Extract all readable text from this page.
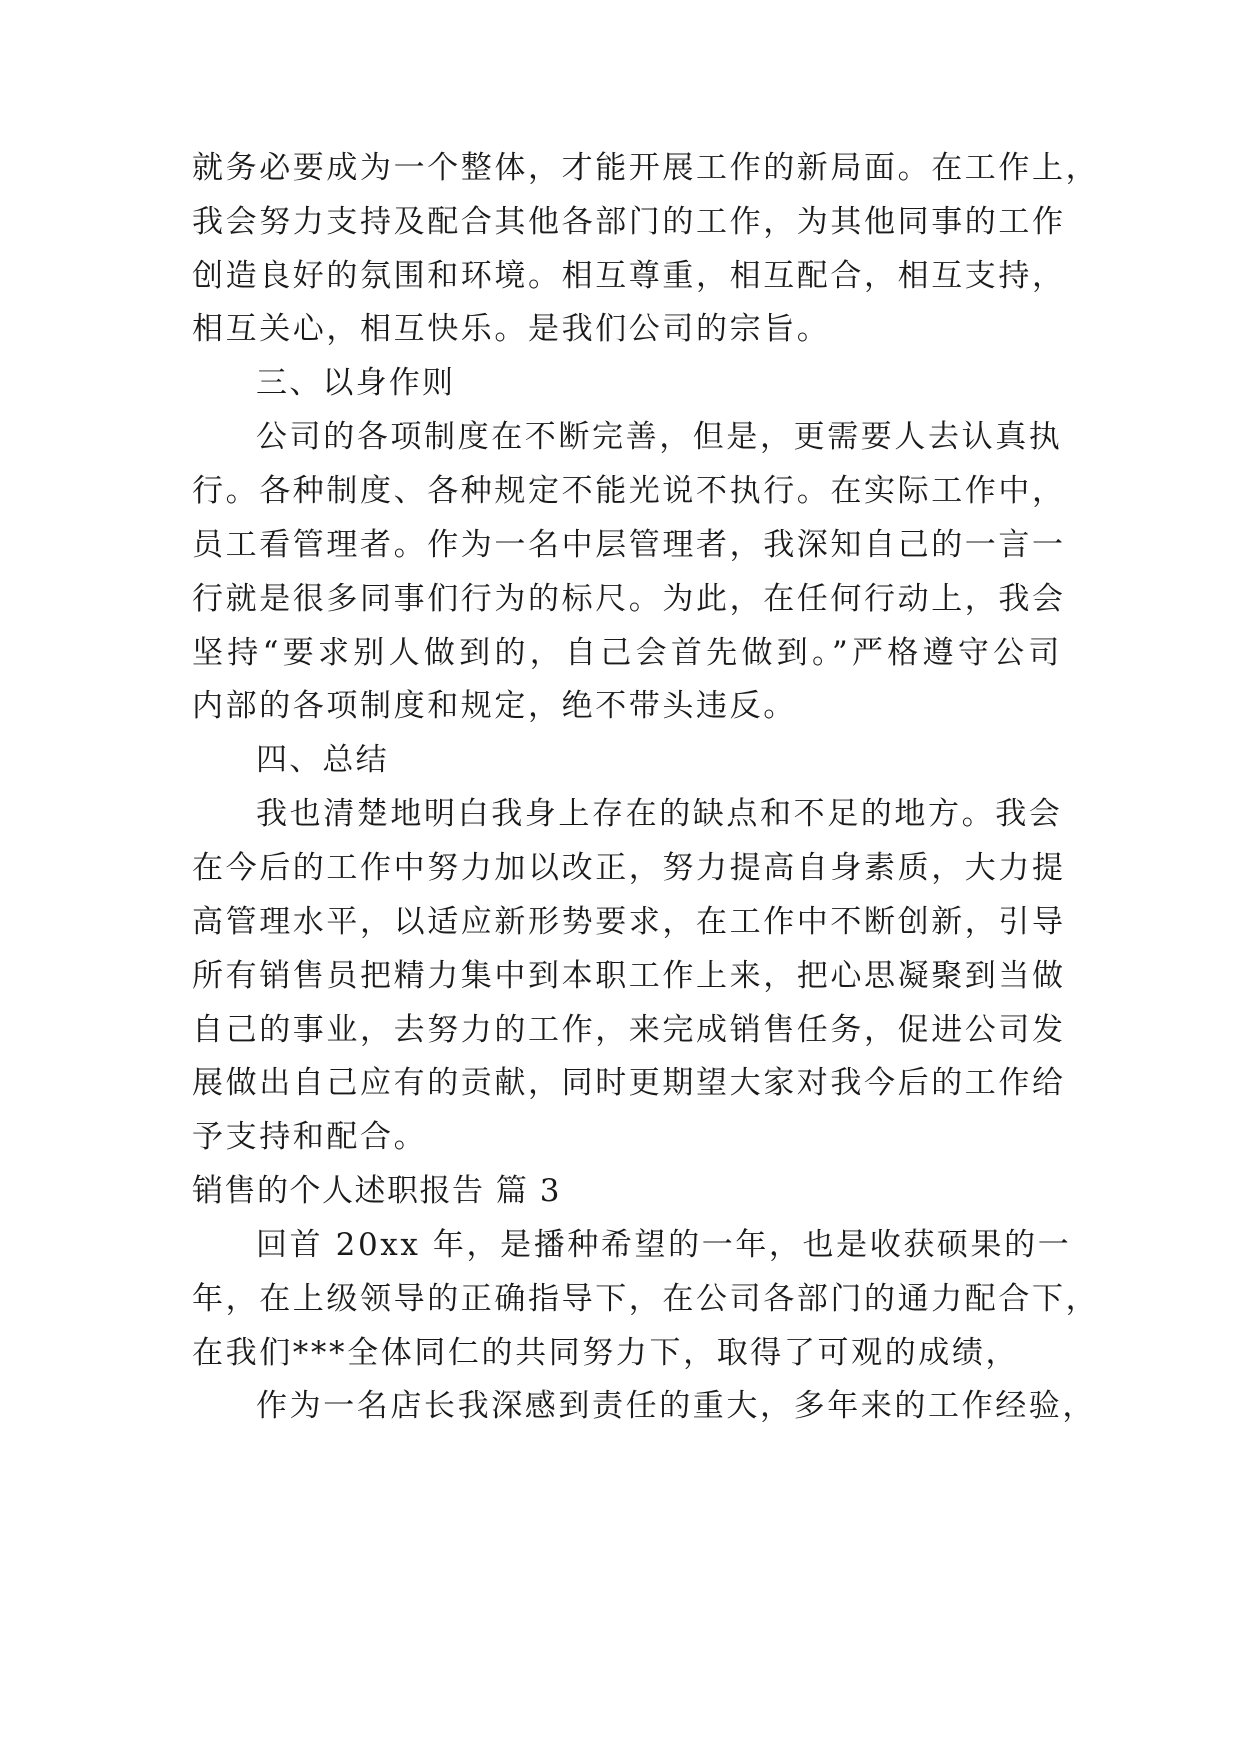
就务必要成为一个整体，才能开展工作的新局面。在工作上，
我会努力支持及配合其他各部门的工作，为其他同事的工作
创造良好的氛围和环境。相互尊重，相互配合，相互支持，
相互关心，相互快乐。是我们公司的宗旨。
三、以身作则
公司的各项制度在不断完善，但是，更需要人去认真执
行。各种制度、各种规定不能光说不执行。在实际工作中，
员工看管理者。作为一名中层管理者，我深知自己的一言一
行就是很多同事们行为的标尺。为此，在任何行动上，我会
坚持“要求别人做到的，自己会首先做到。”严格遵守公司
内部的各项制度和规定，绝不带头违反。
四、总结
我也清楚地明白我身上存在的缺点和不足的地方。我会
在今后的工作中努力加以改正，努力提高自身素质，大力提
高管理水平，以适应新形势要求，在工作中不断创新，引导
所有销售员把精力集中到本职工作上来，把心思凝聚到当做
自己的事业，去努力的工作，来完成销售任务，促进公司发
展做出自己应有的贡献，同时更期望大家对我今后的工作给
予支持和配合。
销售的个人述职报告 篇 3
回首 20xx 年，是播种希望的一年，也是收获硕果的一
年，在上级领导的正确指导下，在公司各部门的通力配合下，
在我们***全体同仁的共同努力下，取得了可观的成绩，
作为一名店长我深感到责任的重大，多年来的工作经验，
